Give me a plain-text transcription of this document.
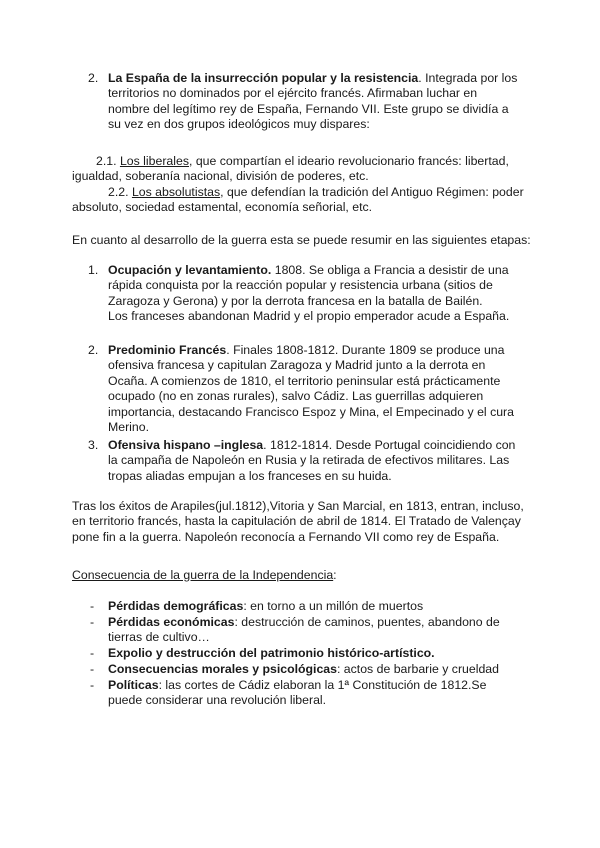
2. La España de la insurrección popular y la resistencia. Integrada por los territorios no dominados por el ejército francés. Afirmaban luchar en nombre del legítimo rey de España, Fernando VII. Este grupo se dividía a su vez en dos grupos ideológicos muy dispares:
2.1. Los liberales, que compartían el ideario revolucionario francés: libertad, igualdad, soberanía nacional, división de poderes, etc.
2.2. Los absolutistas, que defendían la tradición del Antiguo Régimen: poder absoluto, sociedad estamental, economía señorial, etc.
En cuanto al desarrollo de la guerra esta se puede resumir en las siguientes etapas:
1. Ocupación y levantamiento. 1808. Se obliga a Francia a desistir de una rápida conquista por la reacción popular y resistencia urbana (sitios de Zaragoza y Gerona) y por la derrota francesa en la batalla de Bailén.
Los franceses abandonan Madrid y el propio emperador acude a España.
2. Predominio Francés. Finales 1808-1812. Durante 1809 se produce una ofensiva francesa y capitulan Zaragoza y Madrid junto a la derrota en Ocaña. A comienzos de 1810, el territorio peninsular está prácticamente ocupado (no en zonas rurales), salvo Cádiz. Las guerrillas adquieren importancia, destacando Francisco Espoz y Mina, el Empecinado y el cura Merino.
3. Ofensiva hispano –inglesa. 1812-1814. Desde Portugal coincidiendo con la campaña de Napoleón en Rusia y la retirada de efectivos militares. Las tropas aliadas empujan a los franceses en su huida.
Tras los éxitos de Arapiles(jul.1812),Vitoria y San Marcial, en 1813, entran, incluso, en territorio francés, hasta la capitulación de abril de 1814. El Tratado de Valençay pone fin a la guerra. Napoleón reconocía a Fernando VII como rey de España.
Consecuencia de la guerra de la Independencia:
- Pérdidas demográficas: en torno a un millón de muertos
- Pérdidas económicas: destrucción de caminos, puentes, abandono de tierras de cultivo…
- Expolio y destrucción del patrimonio histórico-artístico.
- Consecuencias morales y psicológicas: actos de barbarie y crueldad
- Políticas: las cortes de Cádiz elaboran la 1ª Constitución de 1812.Se puede considerar una revolución liberal.
